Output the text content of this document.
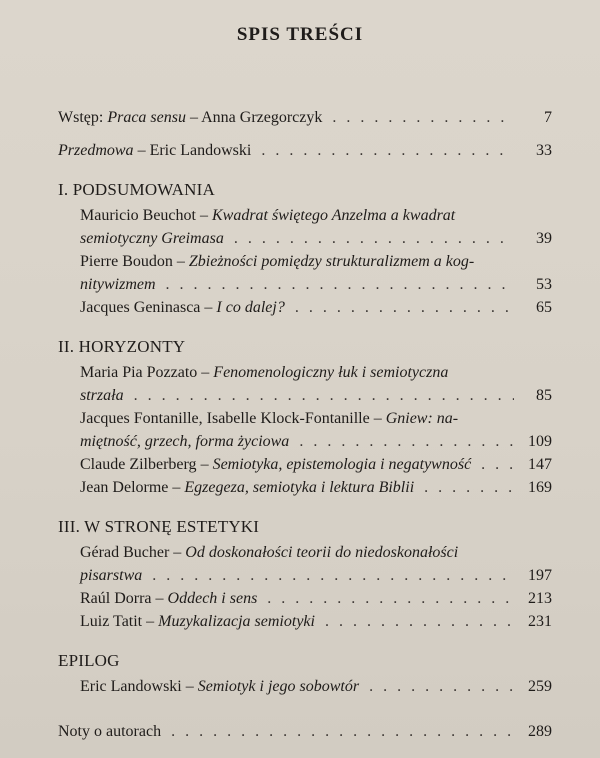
SPIS TREŚCI
Wstęp: Praca sensu – Anna Grzegorczyk . . .	7
Przedmowa – Eric Landowski . . .	33
I. PODSUMOWANIA
Mauricio Beuchot – Kwadrat świętego Anzelma a kwadrat
semiotyczny Greimasa . . .	39
Pierre Boudon – Zbieżności pomiędzy strukturalizmem a kog-
nitywizmem . . .	53
Jacques Geninasca – I co dalej? . . .	65
II. HORYZONTY
Maria Pia Pozzato – Fenomenologiczny łuk i semiotyczna
strzała . . .	85
Jacques Fontanille, Isabelle Klock-Fontanille – Gniew: na-
miętność, grzech, forma życiowa . . .	109
Claude Zilberberg – Semiotyka, epistemologia i negatywność . . .	147
Jean Delorme – Egzegeza, semiotyka i lektura Biblii . . .	169
III. W STRONĘ ESTETYKI
Gérad Bucher – Od doskonałości teorii do niedoskonałości
pisarstwa . . .	197
Raúl Dorra – Oddech i sens . . .	213
Luiz Tatit – Muzykalizacja semiotyki . . .	231
EPILOG
Eric Landowski – Semiotyk i jego sobowtór . . .	259
Noty o autorach . . .	289
